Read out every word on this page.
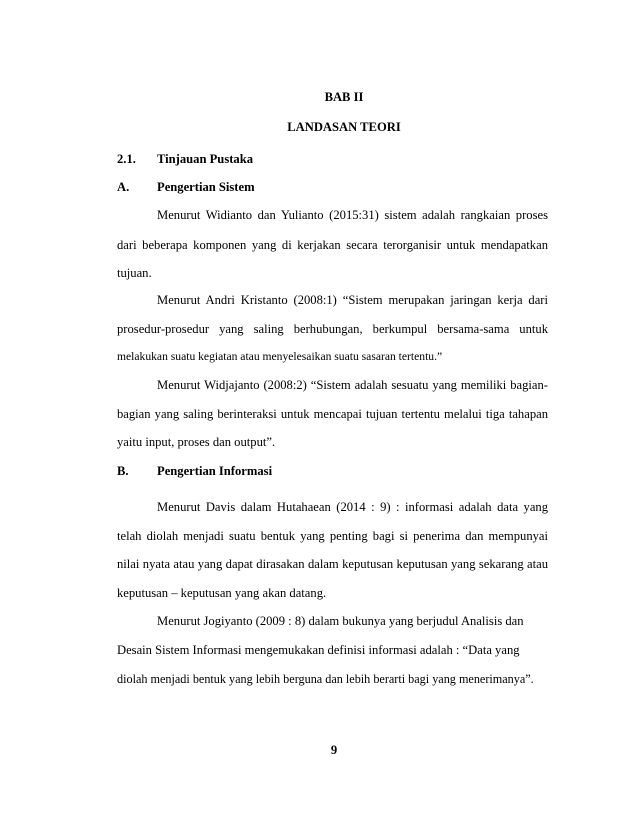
BAB II
LANDASAN TEORI
2.1. Tinjauan Pustaka
A. Pengertian Sistem
Menurut Widianto dan Yulianto (2015:31) sistem adalah rangkaian proses
dari beberapa komponen yang di kerjakan secara terorganisir untuk mendapatkan
tujuan.
Menurut Andri Kristanto (2008:1) “Sistem merupakan jaringan kerja dari
prosedur-prosedur yang saling berhubungan, berkumpul bersama-sama untuk
melakukan suatu kegiatan atau menyelesaikan suatu sasaran tertentu.”
Menurut Widjajanto (2008:2) “Sistem adalah sesuatu yang memiliki bagian-
bagian yang saling berinteraksi untuk mencapai tujuan tertentu melalui tiga tahapan
yaitu input, proses dan output”.
B. Pengertian Informasi
Menurut Davis dalam Hutahaean (2014 : 9) : informasi adalah data yang
telah diolah menjadi suatu bentuk yang penting bagi si penerima dan mempunyai
nilai nyata atau yang dapat dirasakan dalam keputusan keputusan yang sekarang atau
keputusan – keputusan yang akan datang.
Menurut Jogiyanto (2009 : 8) dalam bukunya yang berjudul Analisis dan
Desain Sistem Informasi mengemukakan definisi informasi adalah : “Data yang
diolah menjadi bentuk yang lebih berguna dan lebih berarti bagi yang menerimanya”.
9
